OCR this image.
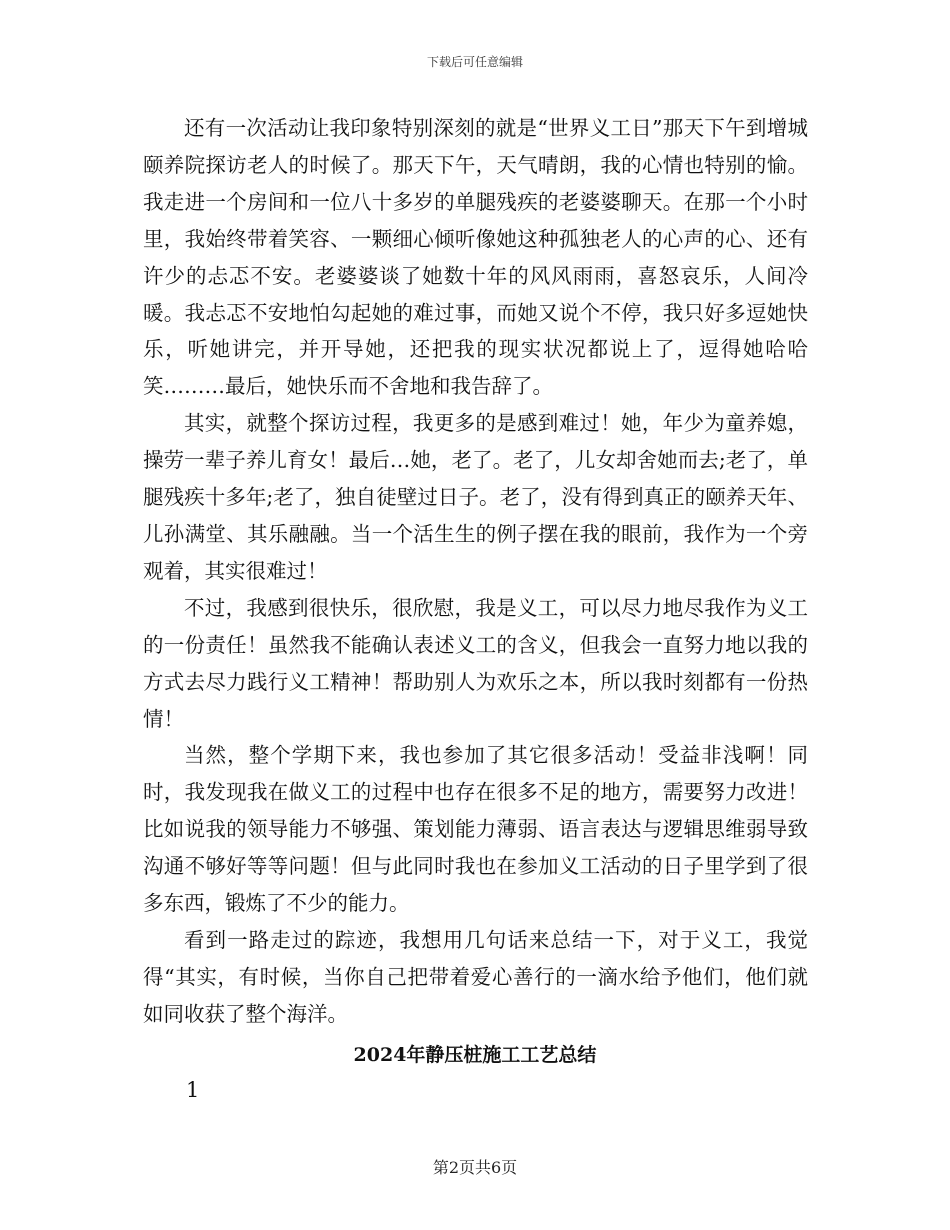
下载后可任意编辑

还有一次活动让我印象特别深刻的就是“世界义工日”那天下午到增城颐养院探访老人的时候了。那天下午，天气晴朗，我的心情也特别的愉。我走进一个房间和一位八十多岁的单腿残疾的老婆婆聊天。在那一个小时里，我始终带着笑容、一颗细心倾听像她这种孤独老人的心声的心、还有许少的忐忑不安。老婆婆谈了她数十年的风风雨雨，喜怒哀乐，人间冷暖。我忐忑不安地怕勾起她的难过事，而她又说个不停，我只好多逗她快乐，听她讲完，并开导她，还把我的现实状况都说上了，逗得她哈哈笑………最后，她快乐而不舍地和我告辞了。

其实，就整个探访过程，我更多的是感到难过！她，年少为童养媳，操劳一辈子养儿育女！最后…她，老了。老了，儿女却舍她而去;老了，单腿残疾十多年;老了，独自徒壁过日子。老了，没有得到真正的颐养天年、儿孙满堂、其乐融融。当一个活生生的例子摆在我的眼前，我作为一个旁观着，其实很难过！

不过，我感到很快乐，很欣慰，我是义工，可以尽力地尽我作为义工的一份责任！虽然我不能确认表述义工的含义，但我会一直努力地以我的方式去尽力践行义工精神！帮助别人为欢乐之本，所以我时刻都有一份热情！

当然，整个学期下来，我也参加了其它很多活动！受益非浅啊！同时，我发现我在做义工的过程中也存在很多不足的地方，需要努力改进！比如说我的领导能力不够强、策划能力薄弱、语言表达与逻辑思维弱导致沟通不够好等等问题！但与此同时我也在参加义工活动的日子里学到了很多东西，锻炼了不少的能力。

看到一路走过的踪迹，我想用几句话来总结一下，对于义工，我觉得“其实，有时候，当你自己把带着爱心善行的一滴水给予他们，他们就如同收获了整个海洋。

2024年静压桩施工工艺总结
1
第2页共6页
